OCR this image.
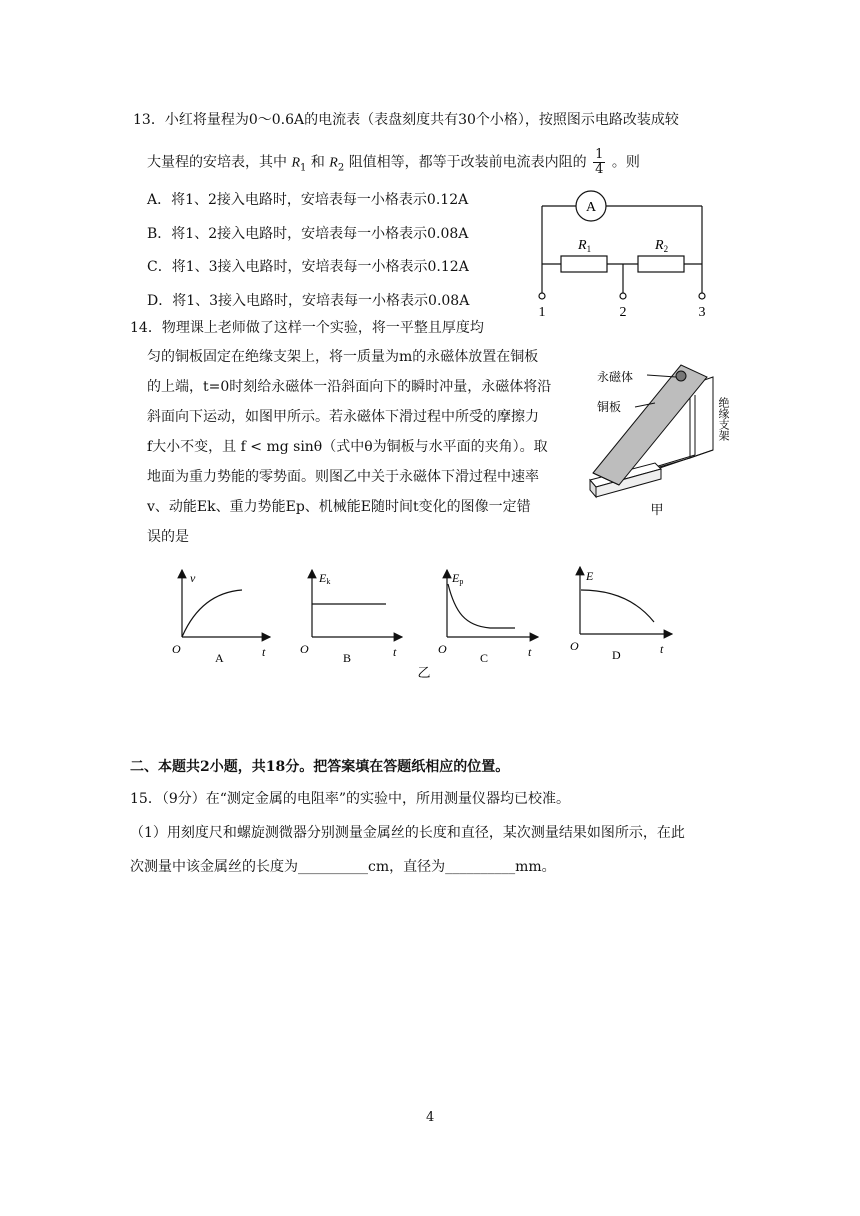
13．小红将量程为0～0.6A的电流表（表盘刻度共有30个小格），按照图示电路改装成较
大量程的安培表，其中 $R_1$ 和 $R_2$ 阻值相等，都等于改装前电流表内阻的 $\frac{1}{4}$ 。则
A．将1、2接入电路时，安培表每一小格表示0.12A
B．将1、2接入电路时，安培表每一小格表示0.08A
C．将1、3接入电路时，安培表每一小格表示0.12A
D．将1、3接入电路时，安培表每一小格表示0.08A
A
$R_1$	$R_2$
1	2	3
14．物理课上老师做了这样一个实验，将一平整且厚度均
匀的铜板固定在绝缘支架上，将一质量为m的永磁体放置在铜板
的上端，t=0时刻给永磁体一沿斜面向下的瞬时冲量，永磁体将沿
斜面向下运动，如图甲所示。若永磁体下滑过程中所受的摩擦力
f大小不变，且 f < mg sinθ（式中θ为铜板与水平面的夹角）。取
地面为重力势能的零势面。则图乙中关于永磁体下滑过程中速率
v、动能Ek、重力势能Ep、机械能E随时间t变化的图像一定错
误的是
永磁体
铜板	绝缘支架
甲
v
O
A	t
Ek
O
B	t
Ep
O
C	t
E
O
D	t
乙
二、本题共2小题，共18分。把答案填在答题纸相应的位置。
15．（9分）在“测定金属的电阻率”的实验中，所用测量仪器均已校准。
（1）用刻度尺和螺旋测微器分别测量金属丝的长度和直径，某次测量结果如图所示，在此
次测量中该金属丝的长度为__________cm，直径为__________mm。
4
